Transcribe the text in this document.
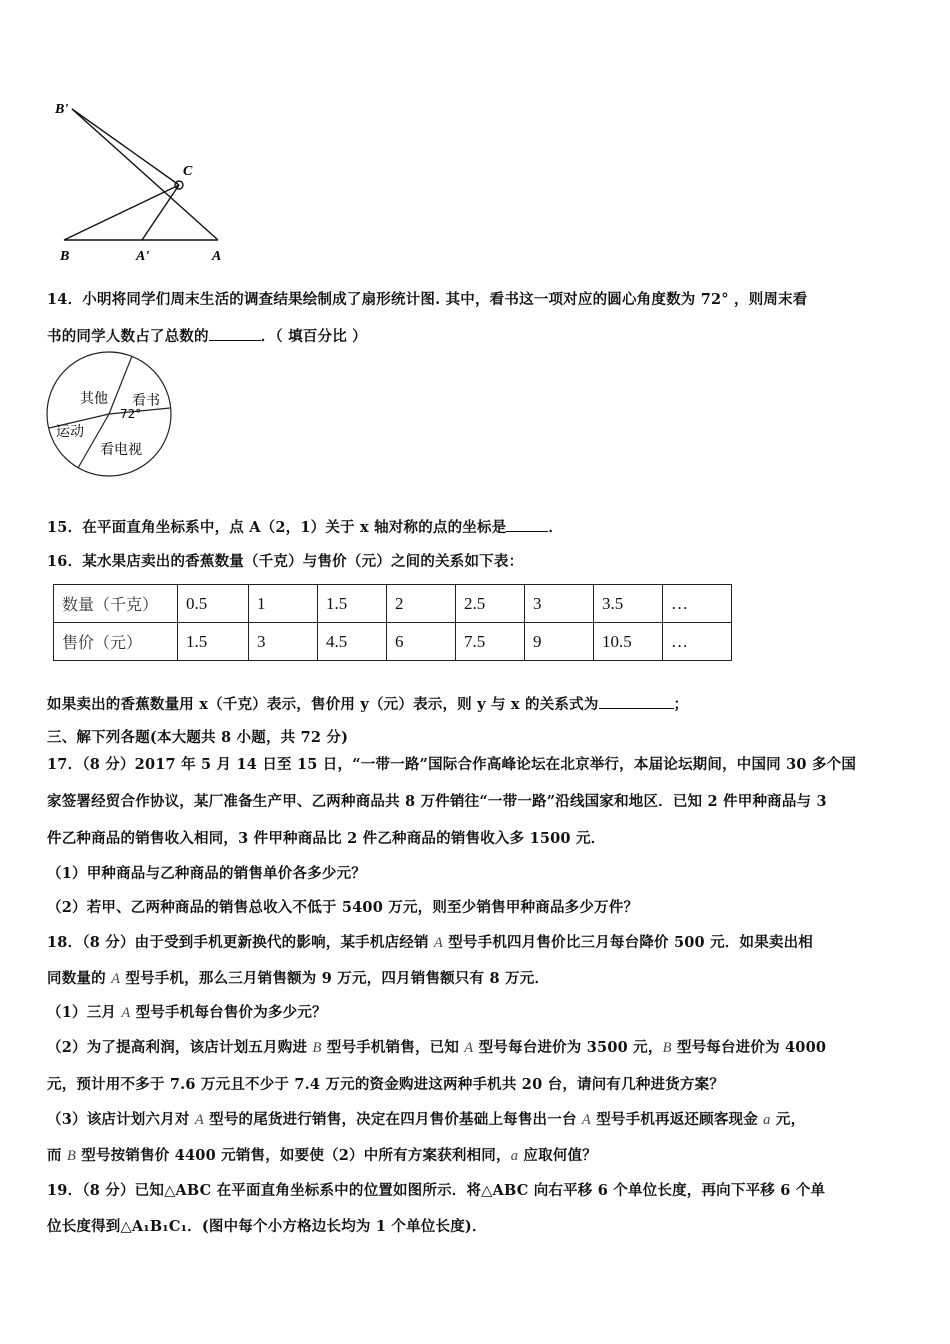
B'
C
B	A'	A
14．小明将同学们周末生活的调查结果绘制成了扇形统计图. 其中，看书这一项对应的圆心角度数为 72° ，则周末看
书的同学人数占了总数的	．（ 填百分比 ）
其他 看书
72°
运动
看电视
15．在平面直角坐标系中，点 A（2，1）关于 x 轴对称的点的坐标是	．
16．某水果店卖出的香蕉数量（千克）与售价（元）之间的关系如下表：
数量（千克）	0.5	1	1.5	2	2.5	3	3.5	…
售价（元）	1.5	3	4.5	6	7.5	9	10.5	…
如果卖出的香蕉数量用 x（千克）表示，售价用 y（元）表示，则 y 与 x 的关系式为	；
三、解下列各题(本大题共 8 小题，共 72 分)
17．（8 分）2017 年 5 月 14 日至 15 日，“一带一路”国际合作高峰论坛在北京举行，本届论坛期间，中国同 30 多个国
家签署经贸合作协议，某厂准备生产甲、乙两种商品共 8 万件销往“一带一路”沿线国家和地区．已知 2 件甲种商品与 3
件乙种商品的销售收入相同，3 件甲种商品比 2 件乙种商品的销售收入多 1500 元．
（1）甲种商品与乙种商品的销售单价各多少元？
（2）若甲、乙两种商品的销售总收入不低于 5400 万元，则至少销售甲种商品多少万件？
18．（8 分）由于受到手机更新换代的影响，某手机店经销 A 型号手机四月售价比三月每台降价 500 元．如果卖出相
同数量的 A 型号手机，那么三月销售额为 9 万元，四月销售额只有 8 万元．
（1）三月 A 型号手机每台售价为多少元？
（2）为了提高利润，该店计划五月购进 B 型号手机销售，已知 A 型号每台进价为 3500 元，B 型号每台进价为 4000
元，预计用不多于 7.6 万元且不少于 7.4 万元的资金购进这两种手机共 20 台，请问有几种进货方案？
（3）该店计划六月对 A 型号的尾货进行销售，决定在四月售价基础上每售出一台 A 型号手机再返还顾客现金 a 元，
而 B 型号按销售价 4400 元销售，如要使（2）中所有方案获利相同，a 应取何值？
19．（8 分）已知△ABC 在平面直角坐标系中的位置如图所示．将△ABC 向右平移 6 个单位长度，再向下平移 6 个单
位长度得到△A₁B₁C₁．(图中每个小方格边长均为 1 个单位长度)．
